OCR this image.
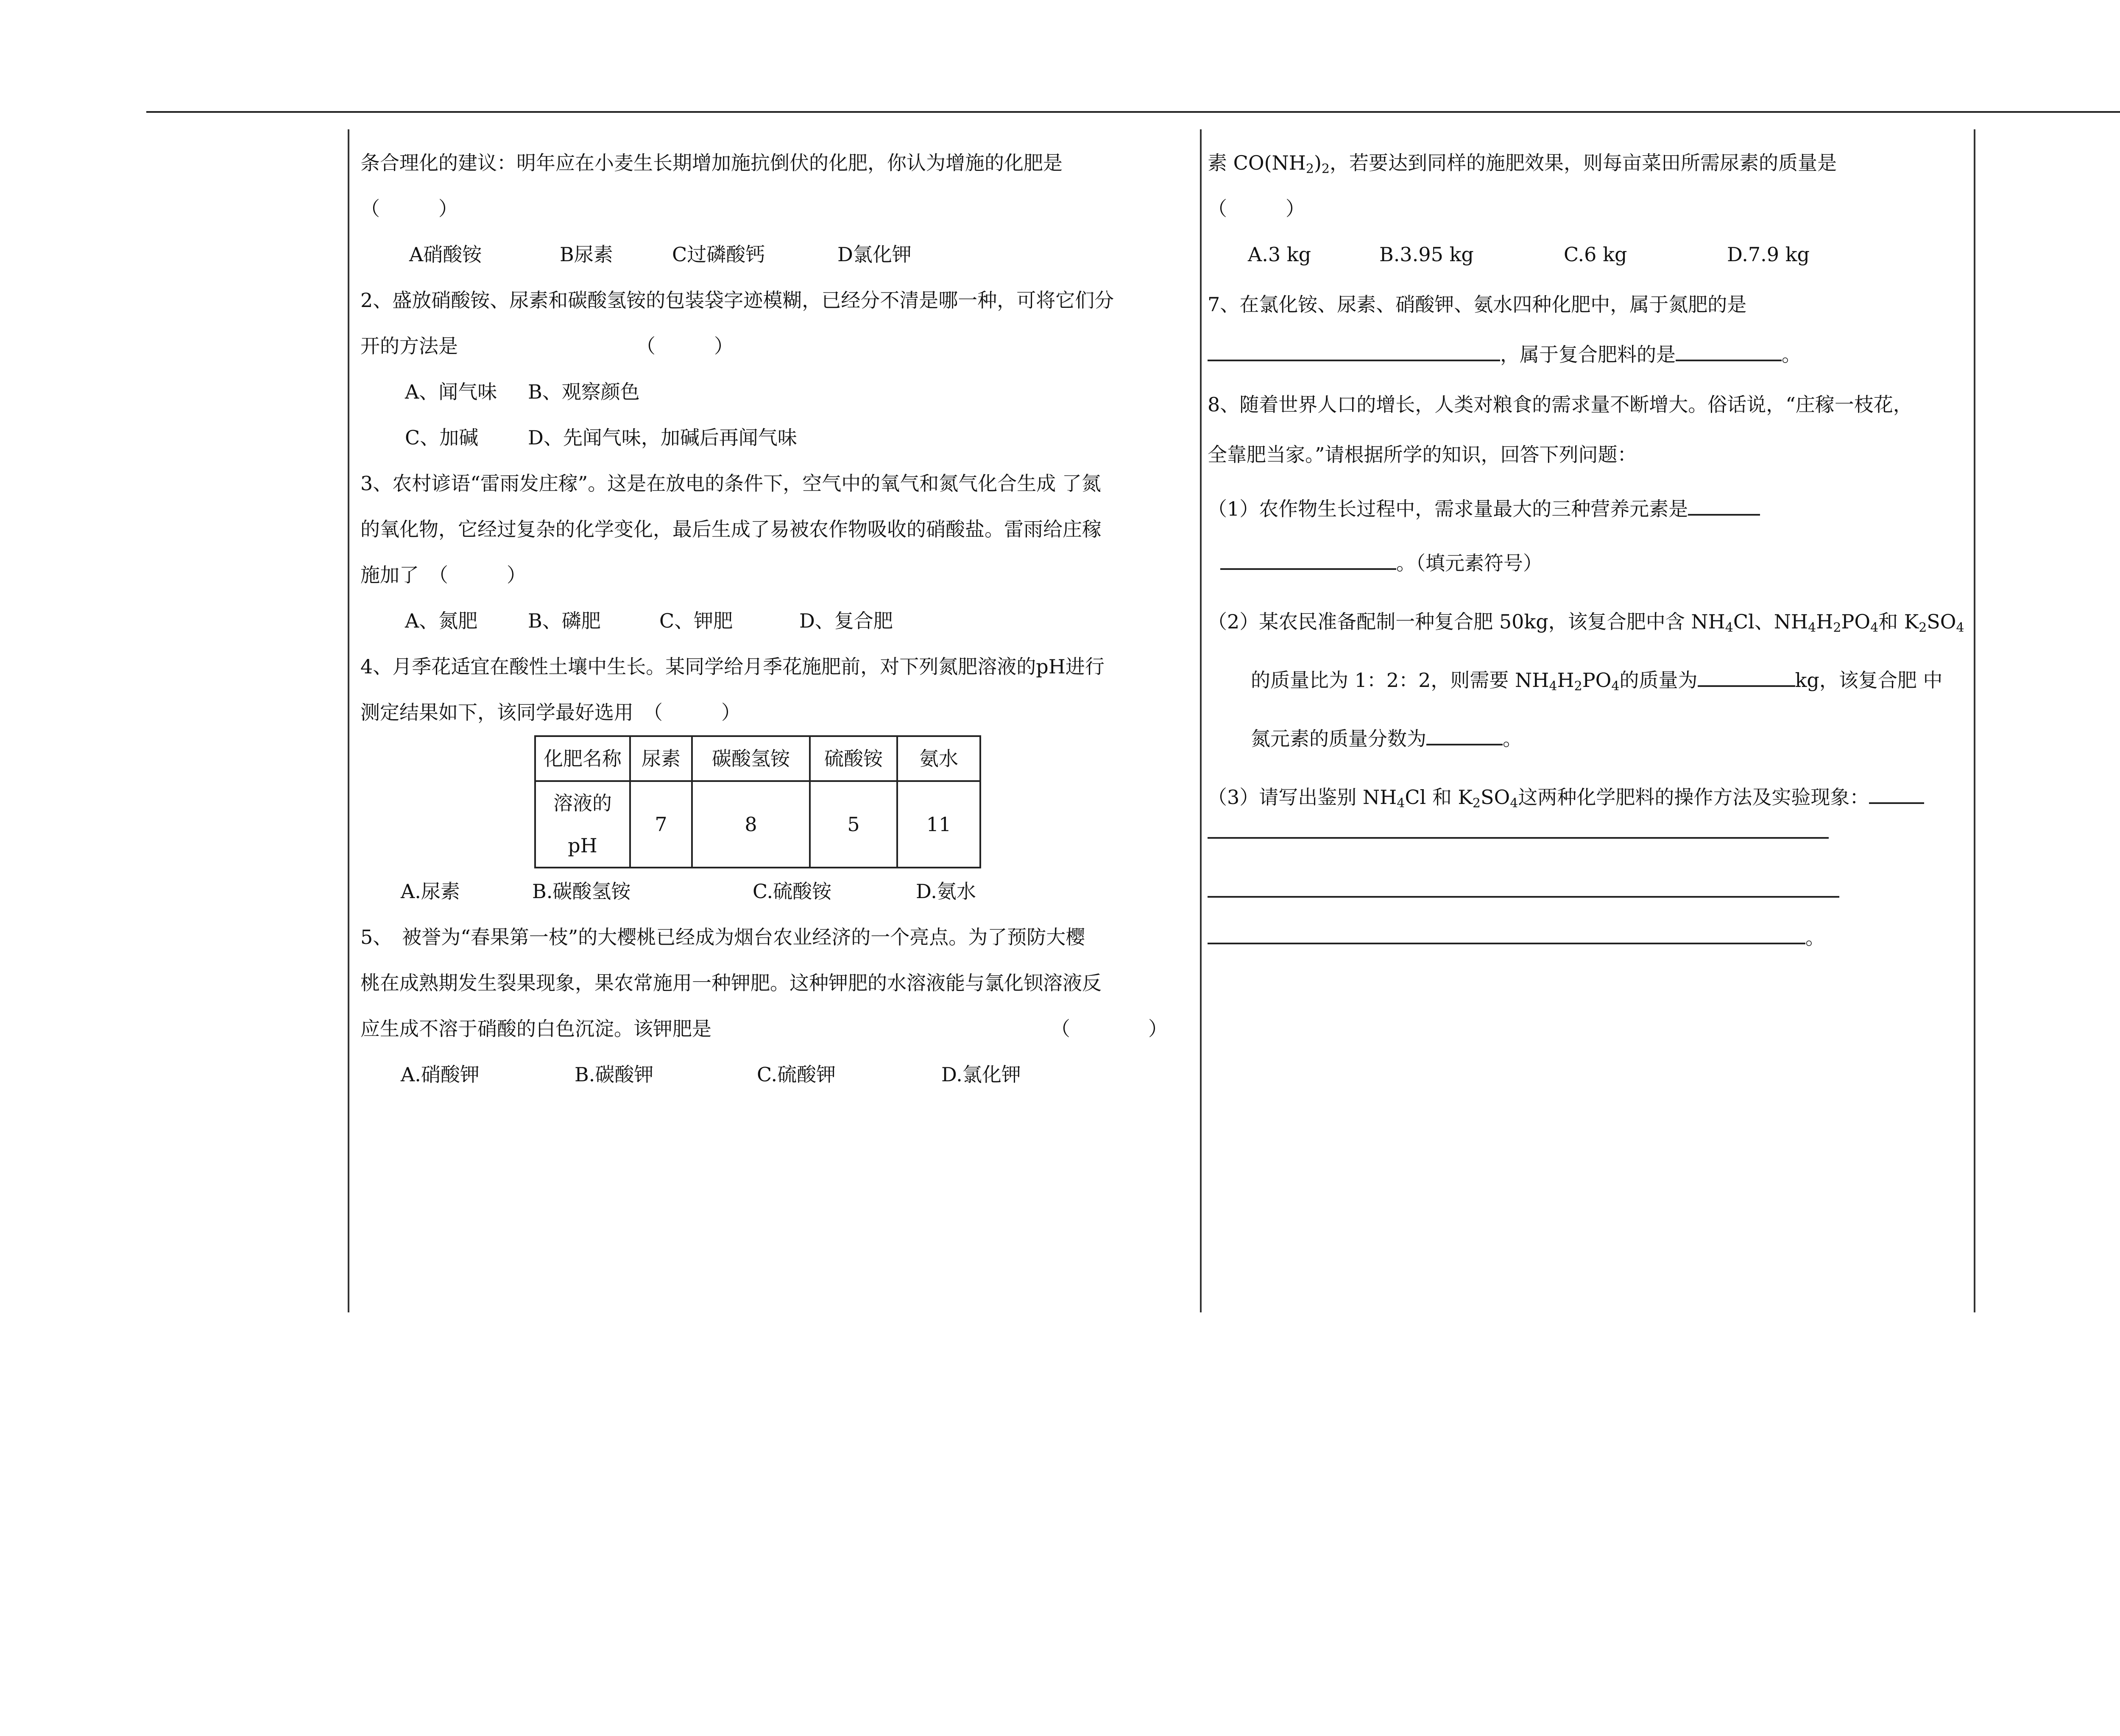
条合理化的建议：明年应在小麦生长期增加施抗倒伏的化肥，你认为增施的化肥是

（　　　）

A硝酸铵	B尿素	C过磷酸钙	D氯化钾

2、盛放硝酸铵、尿素和碳酸氢铵的包装袋字迹模糊，已经分不清是哪一种，可将它们分

开的方法是	（　　　）

A、闻气味 B、观察颜色

C、加碱	D、先闻气味，加碱后再闻气味

3、农村谚语“雷雨发庄稼”。这是在放电的条件下，空气中的氧气和氮气化合生成 了氮

的氧化物，它经过复杂的化学变化，最后生成了易被农作物吸收的硝酸盐。雷雨给庄稼

施加了　（　　　）

A、氮肥	B、磷肥	C、钾肥	D、复合肥

4、月季花适宜在酸性土壤中生长。某同学给月季花施肥前，对下列氮肥溶液的pH进行

测定结果如下，该同学最好选用　（　　　）

化肥名称	尿素	碳酸氢铵	硫酸铵	氨水
溶液的pH	7	8	5	11

A.尿素	B.碳酸氢铵	C.硫酸铵	D.氨水

5、　被誉为“春果第一枝”的大樱桃已经成为烟台农业经济的一个亮点。为了预防大樱

桃在成熟期发生裂果现象，果农常施用一种钾肥。这种钾肥的水溶液能与氯化钡溶液反

应生成不溶于硝酸的白色沉淀。该钾肥是	（　　　　）

A.硝酸钾	B.碳酸钾	C.硫酸钾	D.氯化钾

素 $CO(NH_2)_2$，若要达到同样的施肥效果，则每亩菜田所需尿素的质量是

（　　　）

A.3 kg	B.3.95 kg	C.6 kg	D.7.9 kg

7、在氯化铵、尿素、硝酸钾、氨水四种化肥中，属于氮肥的是

，属于复合肥料的是	。

8、随着世界人口的增长，人类对粮食的需求量不断增大。俗话说，“庄稼一枝花，

全靠肥当家。”请根据所学的知识，回答下列问题：

（1）农作物生长过程中，需求量最大的三种营养元素是

。（填元素符号）

（2）某农民准备配制一种复合肥 50kg，该复合肥中含 $NH_4Cl$、$NH_4H_2PO_4$和 $K_2SO_4$

的质量比为 1：2：2，则需要 $NH_4H_2PO_4$的质量为	kg，该复合肥 中

氮元素的质量分数为	。

（3）请写出鉴别 $NH_4Cl$ 和 $K_2SO_4$这两种化学肥料的操作方法及实验现象：

。
